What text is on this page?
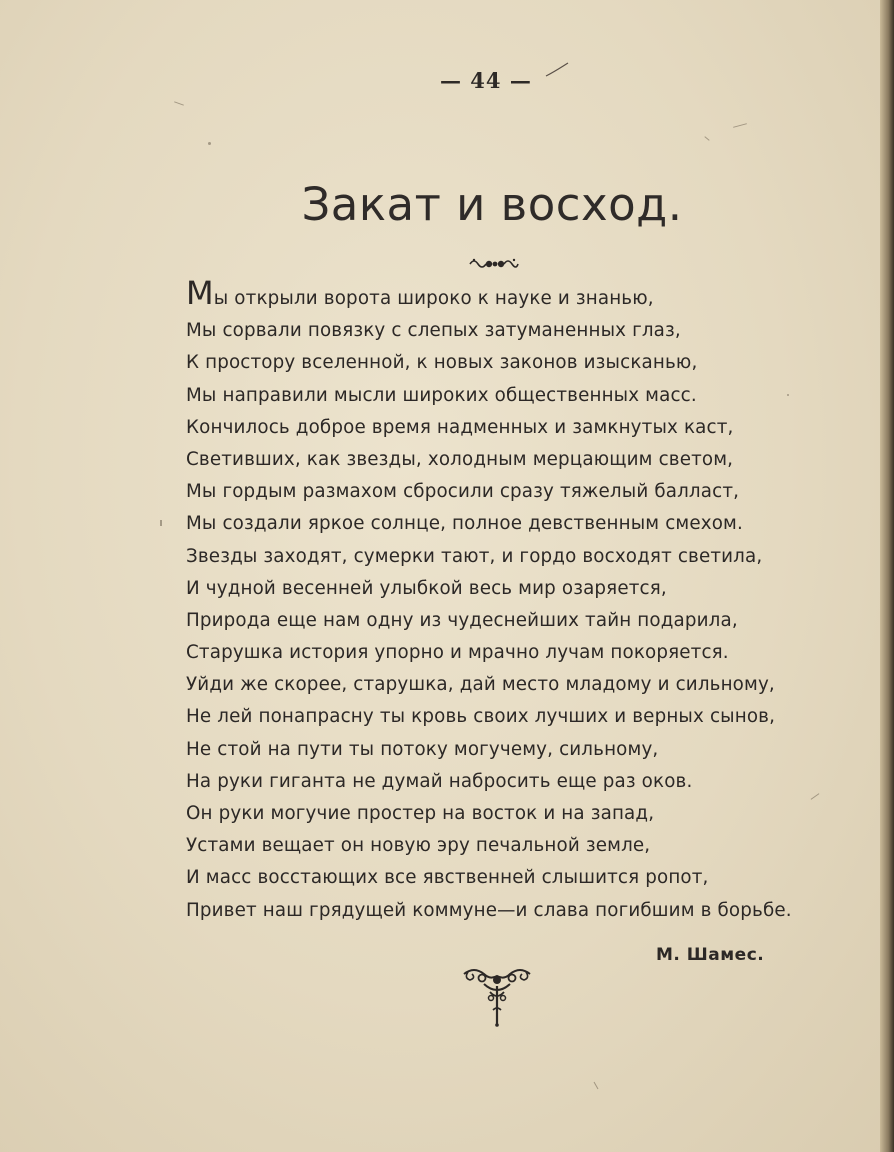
— 44 —
Закат и восход.
Мы открыли ворота широко к науке и знанью,
Мы сорвали повязку с слепых затуманенных глаз,
К простору вселенной, к новых законов изысканью,
Мы направили мысли широких общественных масс.
Кончилось доброе время надменных и замкнутых каст,
Светивших, как звезды, холодным мерцающим светом,
Мы гордым размахом сбросили сразу тяжелый балласт,
Мы создали яркое солнце, полное девственным смехом.
Звезды заходят, сумерки тают, и гордо восходят светила,
И чудной весенней улыбкой весь мир озаряется,
Природа еще нам одну из чудеснейших тайн подарила,
Старушка история упорно и мрачно лучам покоряется.
Уйди же скорее, старушка, дай место младому и сильному,
Не лей понапрасну ты кровь своих лучших и верных сынов,
Не стой на пути ты потоку могучему, сильному,
На руки гиганта не думай набросить еще раз оков.
Он руки могучие простер на восток и на запад,
Устами вещает он новую эру печальной земле,
И масс восстающих все явственней слышится ропот,
Привет наш грядущей коммуне—и слава погибшим в борьбе.
М. Шамес.
